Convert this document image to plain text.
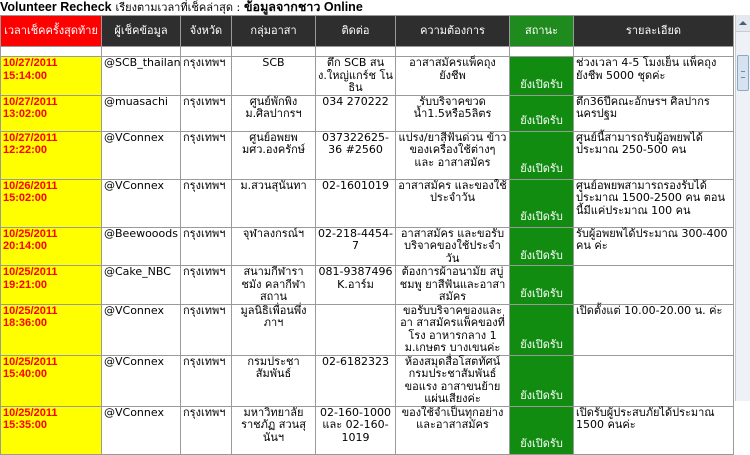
Volunteer Recheck เรียงตามเวลาที่เช็คล่าสุด : ข้อมูลจากชาว Online
เวลาเช็คครั้งสุดท้าย	ผู้เช็คข้อมูล	จังหวัด	กลุ่มอาสา	ติดต่อ	ความต้องการ	สถานะ	รายละเอียด

10/27/2011 15:14:00	@SCB_thailan	กรุงเทพฯ	SCB	ตึก SCB สน ง.ใหญ่แกร์ช โนธิน	อาสาสมัครแพ็คถุงยังชีพ	ยังเปิดรับ	ช่วงเวลา 4-5 โมงเย็น แพ็คถุงยังชีพ 5000 ชุดค่ะ
10/27/2011 13:02:00	@muasachi	กรุงเทพฯ	ศูนย์พักพิง ม.ศิลปากรฯ	034 270222	รับบริจาคขวด น้ำ1.5หรือ5ลิตร	ยังเปิดรับ	ตึก36ปีคณะอักษรฯ ศิลปากร นครปฐม
10/27/2011 12:22:00	@VConnex	กรุงเทพฯ	ศูนย์อพยพ มศว.องครักษ์	037322625-36 #2560	แปรง/ยาสีฟันด่วน ข้าว ของเครื่องใช้ต่างๆ และ อาสาสมัคร	ยังเปิดรับ	ศูนย์นี้สามารถรับผู้อพยพได้ประมาณ 250-500 คน
10/26/2011 15:02:00	@VConnex	กรุงเทพฯ	ม.สวนสุนันทา	02-1601019	อาสาสมัคร และของใช้ ประจำวัน	ยังเปิดรับ	ศูนย์อพยพสามารถรองรับได้ประมาณ 1500-2500 คน ตอนนี้มีแค่ประมาณ 100 คน
10/25/2011 20:14:00	@Beewooods	กรุงเทพฯ	จุฬาลงกรณ์ฯ	02-218-4454-7	อาสาสมัคร และขอรับ บริจาคของใช้ประจำวัน	ยังเปิดรับ	รับผู้อพยพได้ประมาณ 300-400 คน ค่ะ
10/25/2011 19:21:00	@Cake_NBC	กรุงเทพฯ	สนามกีฬาราชมัง คลากีฬาสถาน	081-9387496 K.อาร์ม	ต้องการผ้าอนามัย สบู่ ชมพู ยาสีฟันและอาสา สมัคร	ยังเปิดรับ	
10/25/2011 18:36:00	@VConnex	กรุงเทพฯ	มูลนิธิเพื่อนพึ่ง ภาฯ		ขอรับบริจาคของและอา สาสมัครแพ็คของที่โรง อาหารกลาง 1 ม.เกษตร บางเขนค่ะ	ยังเปิดรับ	เปิดตั้งแต่ 10.00-20.00 น. ค่ะ
10/25/2011 15:40:00	@VConnex	กรุงเทพฯ	กรมประชา สัมพันธ์	02-6182323	ห้องสมุดสื่อโสตทัศน์ กรมประชาสัมพันธ์ขอแรง อาสาขนย้ายแผ่นเสียงค่ะ	ยังเปิดรับ	
10/25/2011 15:35:00	@VConnex	กรุงเทพฯ	มหาวิทยาลัยราชภัฏ สวนสุนันฯ	02-160-1000 และ 02-160-1019	ของใช้จำเป็นทุกอย่าง และอาสาสมัคร	ยังเปิดรับ	เปิดรับผู้ประสบภัยได้ประมาณ 1500 คนค่ะ
